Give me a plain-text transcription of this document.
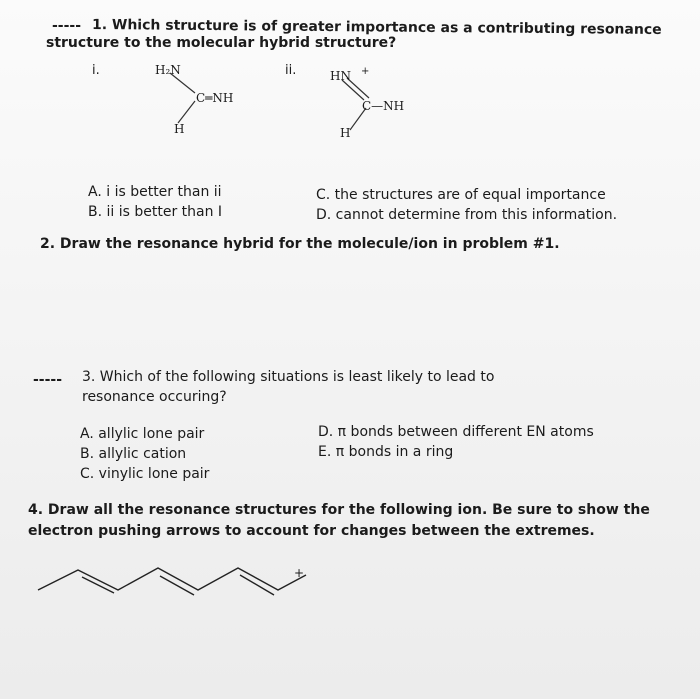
----- 1. Which structure is of greater importance as a contributing resonance
structure to the molecular hybrid structure?
i.	ii.
H₂N
C═NH
H
HN +
C—NH
H
A. i is better than ii
B. ii is better than I
C. the structures are of equal importance
D. cannot determine from this information.
2. Draw the resonance hybrid for the molecule/ion in problem #1.
----- 3. Which of the following situations is least likely to lead to
resonance occuring?
A. allylic lone pair
B. allylic cation
C. vinylic lone pair
D. π bonds between different EN atoms
E. π bonds in a ring
4. Draw all the resonance structures for the following ion. Be sure to show the
electron pushing arrows to account for changes between the extremes.
+
